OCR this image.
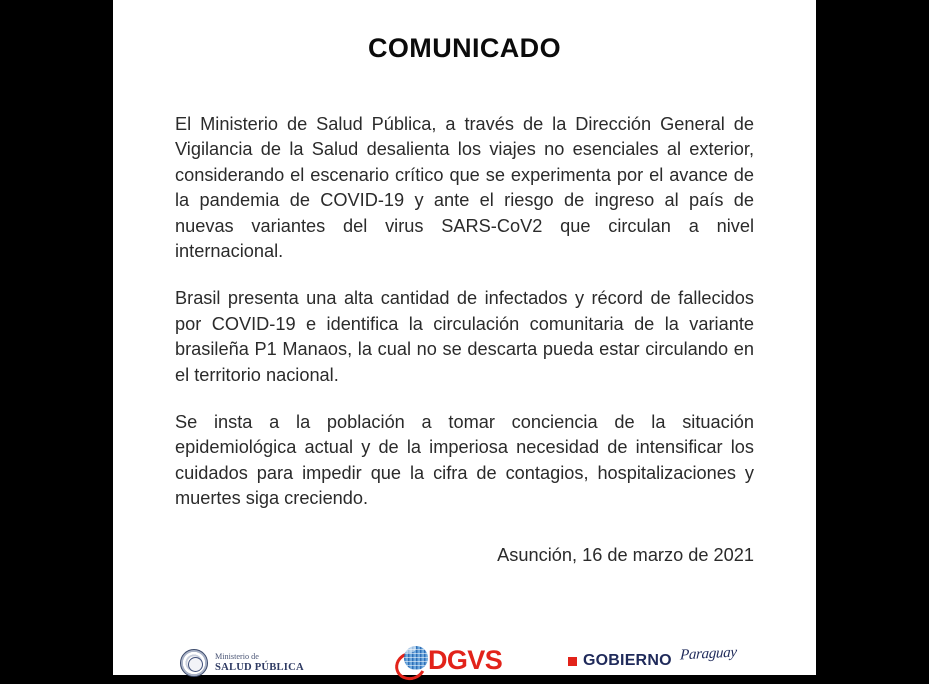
COMUNICADO

El Ministerio de Salud Pública, a través de la Dirección General de Vigilancia de la Salud desalienta los viajes no esenciales al exterior, considerando el escenario crítico que se experimenta por el avance de la pandemia de COVID-19 y ante el riesgo de ingreso al país de nuevas variantes del virus SARS-CoV2 que circulan a nivel internacional.

Brasil presenta una alta cantidad de infectados y récord de fallecidos por COVID-19 e identifica la circulación comunitaria de la variante brasileña P1 Manaos, la cual no se descarta pueda estar circulando en el territorio nacional.

Se insta a la población a tomar conciencia de la situación epidemiológica actual y de la imperiosa necesidad de intensificar los cuidados para impedir que la cifra de contagios, hospitalizaciones y muertes siga creciendo.

Asunción, 16 de marzo de 2021
Ministerio de
SALUD PÚBLICA	DGVS	GOBIERNO Paraguay
